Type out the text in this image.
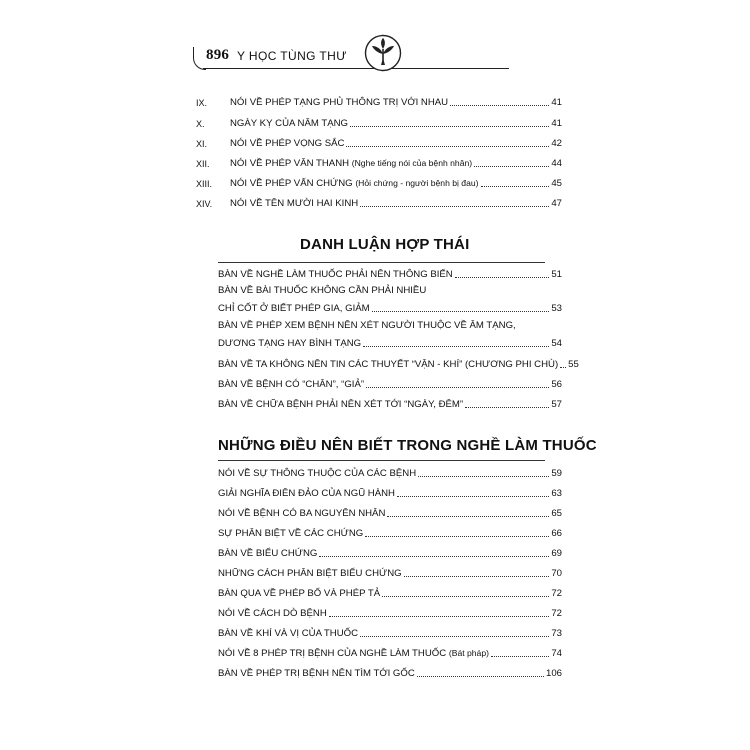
896 Y HỌC TÙNG THƯ
IX.	NÓI VỀ PHÉP TẠNG PHỦ THÔNG TRỊ VỚI NHAU	41
X.	NGÀY KỴ CỦA NĂM TẠNG	41
XI.	NÓI VỀ PHÉP VỌNG SẮC	42
XII.	NÓI VỀ PHÉP VĂN THANH (Nghe tiếng nói của bệnh nhân)	44
XIII.	NÓI VỀ PHÉP VẤN CHỨNG (Hỏi chứng - người bệnh bị đau)	45
XIV.	NÓI VỀ TÊN MƯỜI HAI KINH	47
DANH LUẬN HỢP THÁI
BÀN VỀ NGHỀ LÀM THUỐC PHẢI NÊN THÔNG BIẾN	51
BÀN VỀ BÀI THUỐC KHÔNG CẦN PHẢI NHIỀU
CHỈ CỐT Ở BIẾT PHÉP GIA, GIẢM	53
BÀN VỀ PHÉP XEM BỆNH NÊN XÉT NGƯỜI THUỘC VỀ ÂM TẠNG,
DƯƠNG TẠNG HAY BÌNH TẠNG	54
BÀN VỀ TA KHÔNG NÊN TIN CÁC THUYẾT “VẬN - KHÍ” (CHƯƠNG PHI CHÙ) 55
BÀN VỀ BỆNH CÓ “CHÂN”, “GIẢ”	56
BÀN VỀ CHỮA BỆNH PHẢI NÊN XÉT TỚI “NGÀY, ĐÊM”	57
NHỮNG ĐIỀU NÊN BIẾT TRONG NGHỀ LÀM THUỐC
NÓI VỀ SỰ THÔNG THUỘC CỦA CÁC BỆNH	59
GIẢI NGHĨA ĐIÊN ĐẢO CỦA NGŨ HÀNH	63
NÓI VỀ BỆNH CÓ BA NGUYÊN NHÂN	65
SỰ PHÂN BIỆT VỀ CÁC CHỨNG	66
BÀN VỀ BIỂU CHỨNG	69
NHỮNG CÁCH PHÂN BIỆT BIỂU CHỨNG	70
BÀN QUA VỀ PHÉP BỔ VÀ PHÉP TẢ	72
NÓI VỀ CÁCH DÒ BỆNH	72
BÀN VỀ KHÍ VÀ VỊ CỦA THUỐC	73
NÓI VỀ 8 PHÉP TRỊ BỆNH CỦA NGHỀ LÀM THUỐC (Bát pháp)	74
BÀN VỀ PHÉP TRỊ BỆNH NÊN TÌM TỚI GỐC	106
